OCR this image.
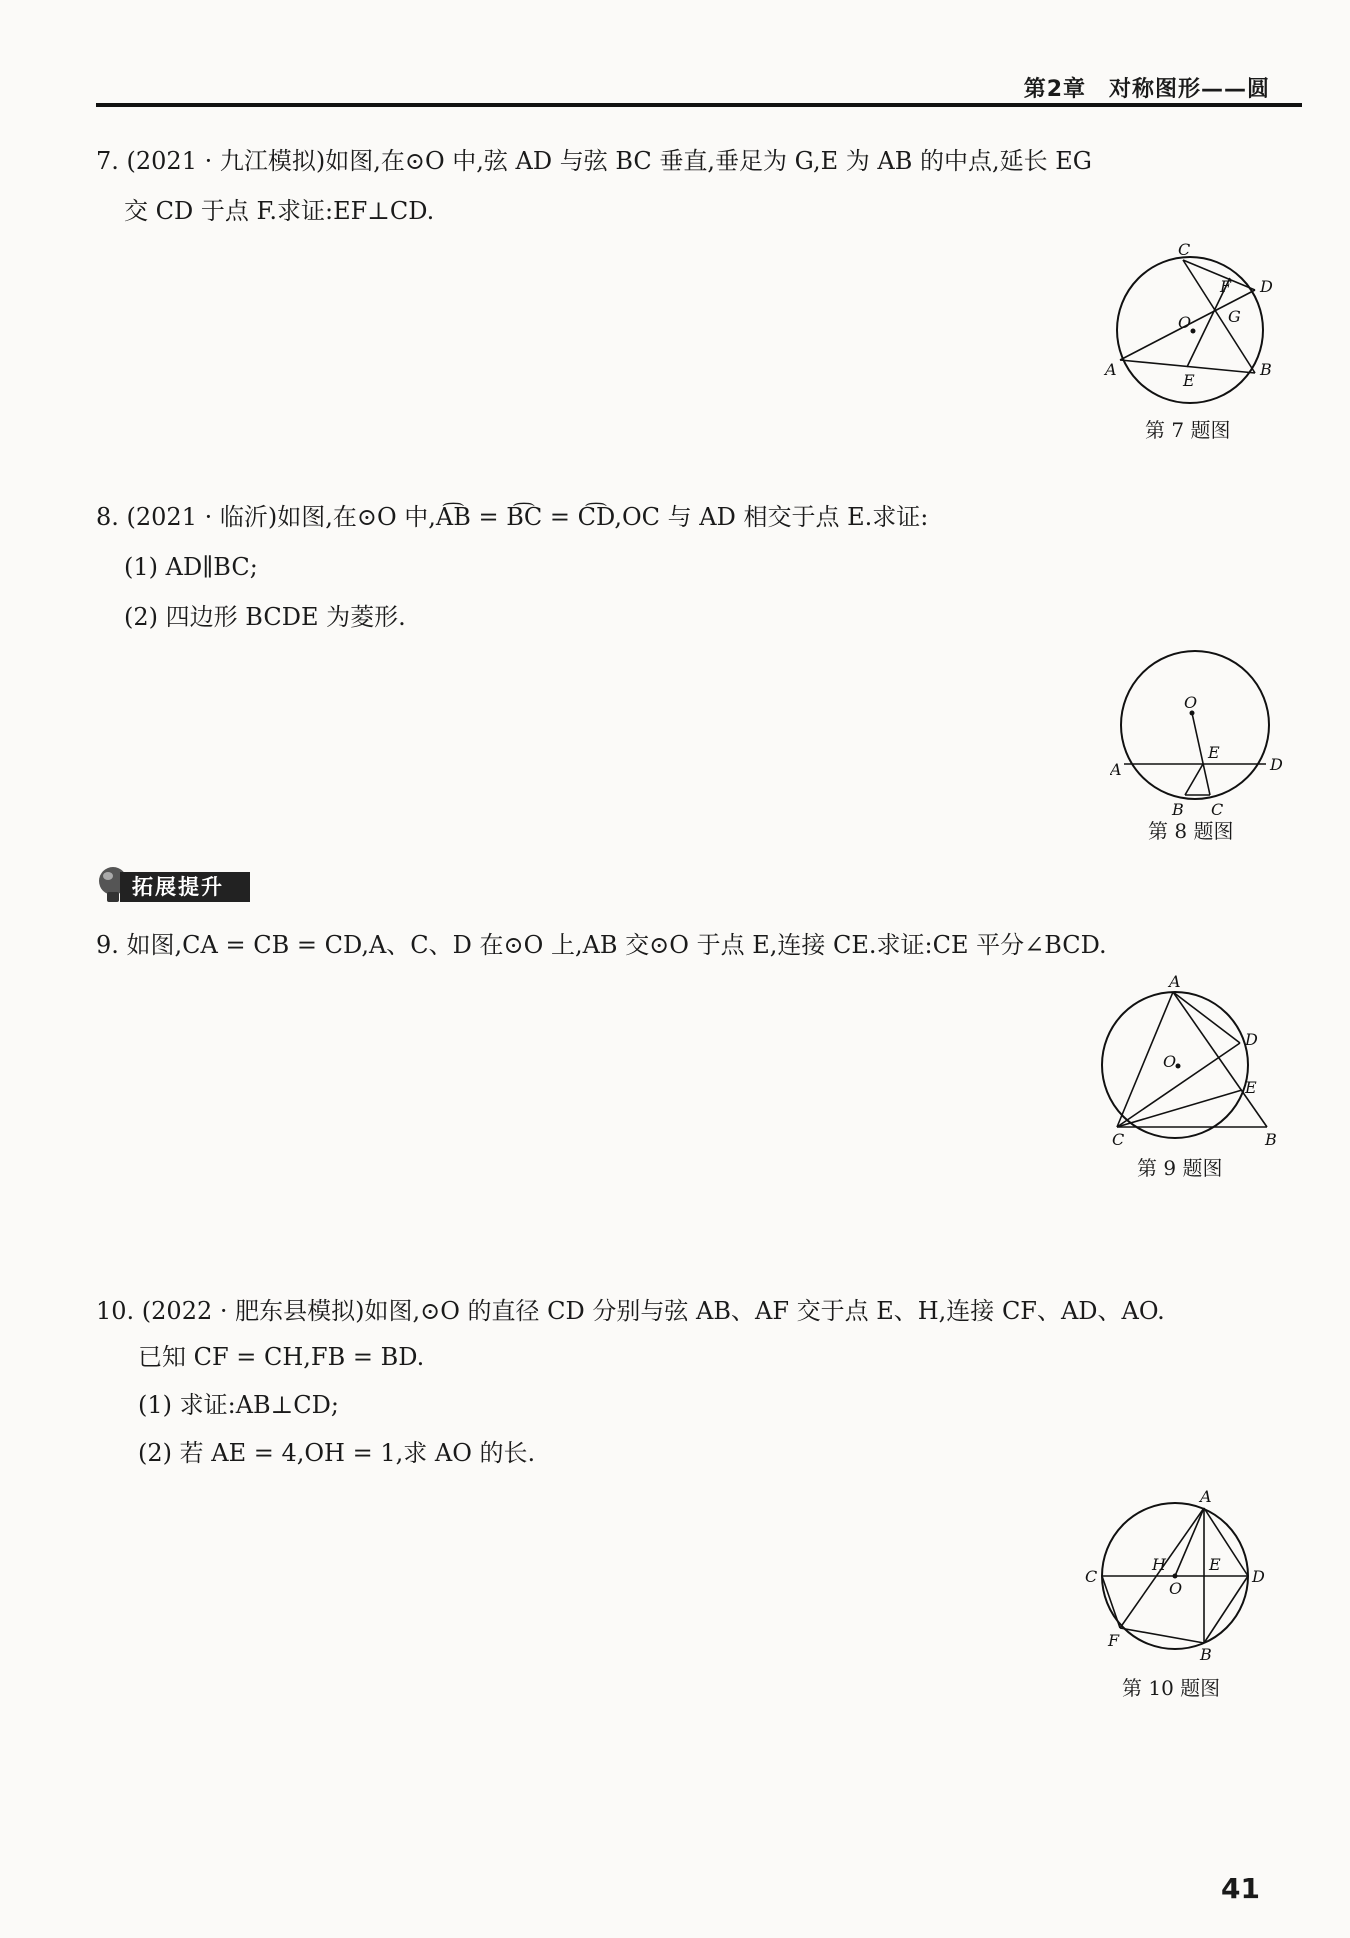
第2章　对称图形——圆
7. (2021 · 九江模拟)如图,在⊙O 中,弦 AD 与弦 BC 垂直,垂足为 G,E 为 AB 的中点,延长 EG
交 CD 于点 F.求证:EF⊥CD.
C
D
F
G
O
A	B
E
第 7 题图
8. (2021 · 临沂)如图,在⊙O 中,A͡B = B͡C = C͡D,OC 与 AD 相交于点 E.求证:
(1) AD∥BC;
(2) 四边形 BCDE 为菱形.
O
A
E
D
B C
第 8 题图
拓展提升
9. 如图,CA = CB = CD,A、C、D 在⊙O 上,AB 交⊙O 于点 E,连接 CE.求证:CE 平分∠BCD.
A
D
O
E
C	B
第 9 题图
10. (2022 · 肥东县模拟)如图,⊙O 的直径 CD 分别与弦 AB、AF 交于点 E、H,连接 CF、AD、AO.
已知 CF = CH,FB = BD.
(1) 求证:AB⊥CD;
(2) 若 AE = 4,OH = 1,求 AO 的长.
A
H	E
C
O
D
F
B
第 10 题图
41
